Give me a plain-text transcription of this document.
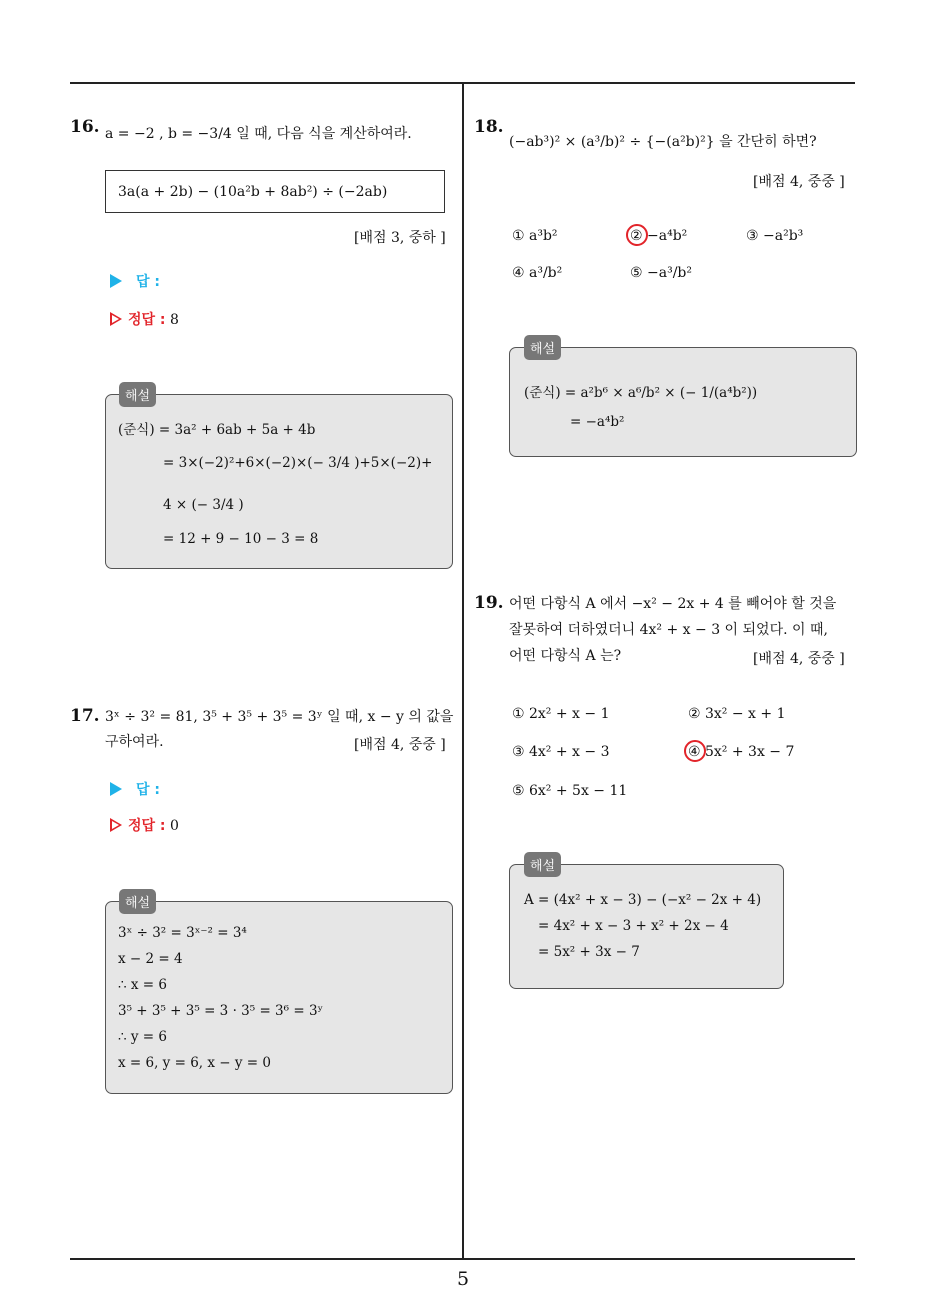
16. a = −2 , b = −3/4 일 때, 다음 식을 계산하여라.
3a(a + 2b) − (10a²b + 8ab²) ÷ (−2ab)
[배점 3, 중하 ]
답 :
정답 : 8
해설
(준식) = 3a² + 6ab + 5a + 4b
= 3×(−2)²+6×(−2)×(− 3/4 )+5×(−2)+
4 × (− 3/4 )
= 12 + 9 − 10 − 3 = 8
17. 3ˣ ÷ 3² = 81, 3⁵ + 3⁵ + 3⁵ = 3ʸ 일 때, x − y 의 값을
구하여라.	[배점 4, 중중 ]
답 :
정답 : 0
해설
3ˣ ÷ 3² = 3ˣ⁻² = 3⁴
x − 2 = 4
∴ x = 6
3⁵ + 3⁵ + 3⁵ = 3 · 3⁵ = 3⁶ = 3ʸ
∴ y = 6
x = 6, y = 6, x − y = 0
18.
(−ab³)² × (a³/b)² ÷ {−(a²b)²} 을 간단히 하면?
[배점 4, 중중 ]
① a³b²	② −a⁴b²	③ −a²b³
④ a³/b²	⑤ −a³/b²
해설
(준식) = a²b⁶ × a⁶/b² × (− 1/(a⁴b²))
= −a⁴b²
19. 어떤 다항식 A 에서 −x² − 2x + 4 를 빼어야 할 것을
잘못하여 더하였더니 4x² + x − 3 이 되었다. 이 때,
어떤 다항식 A 는?	[배점 4, 중중 ]
① 2x² + x − 1	② 3x² − x + 1
③ 4x² + x − 3	④ 5x² + 3x − 7
⑤ 6x² + 5x − 11
해설
A = (4x² + x − 3) − (−x² − 2x + 4)
= 4x² + x − 3 + x² + 2x − 4
= 5x² + 3x − 7
5
